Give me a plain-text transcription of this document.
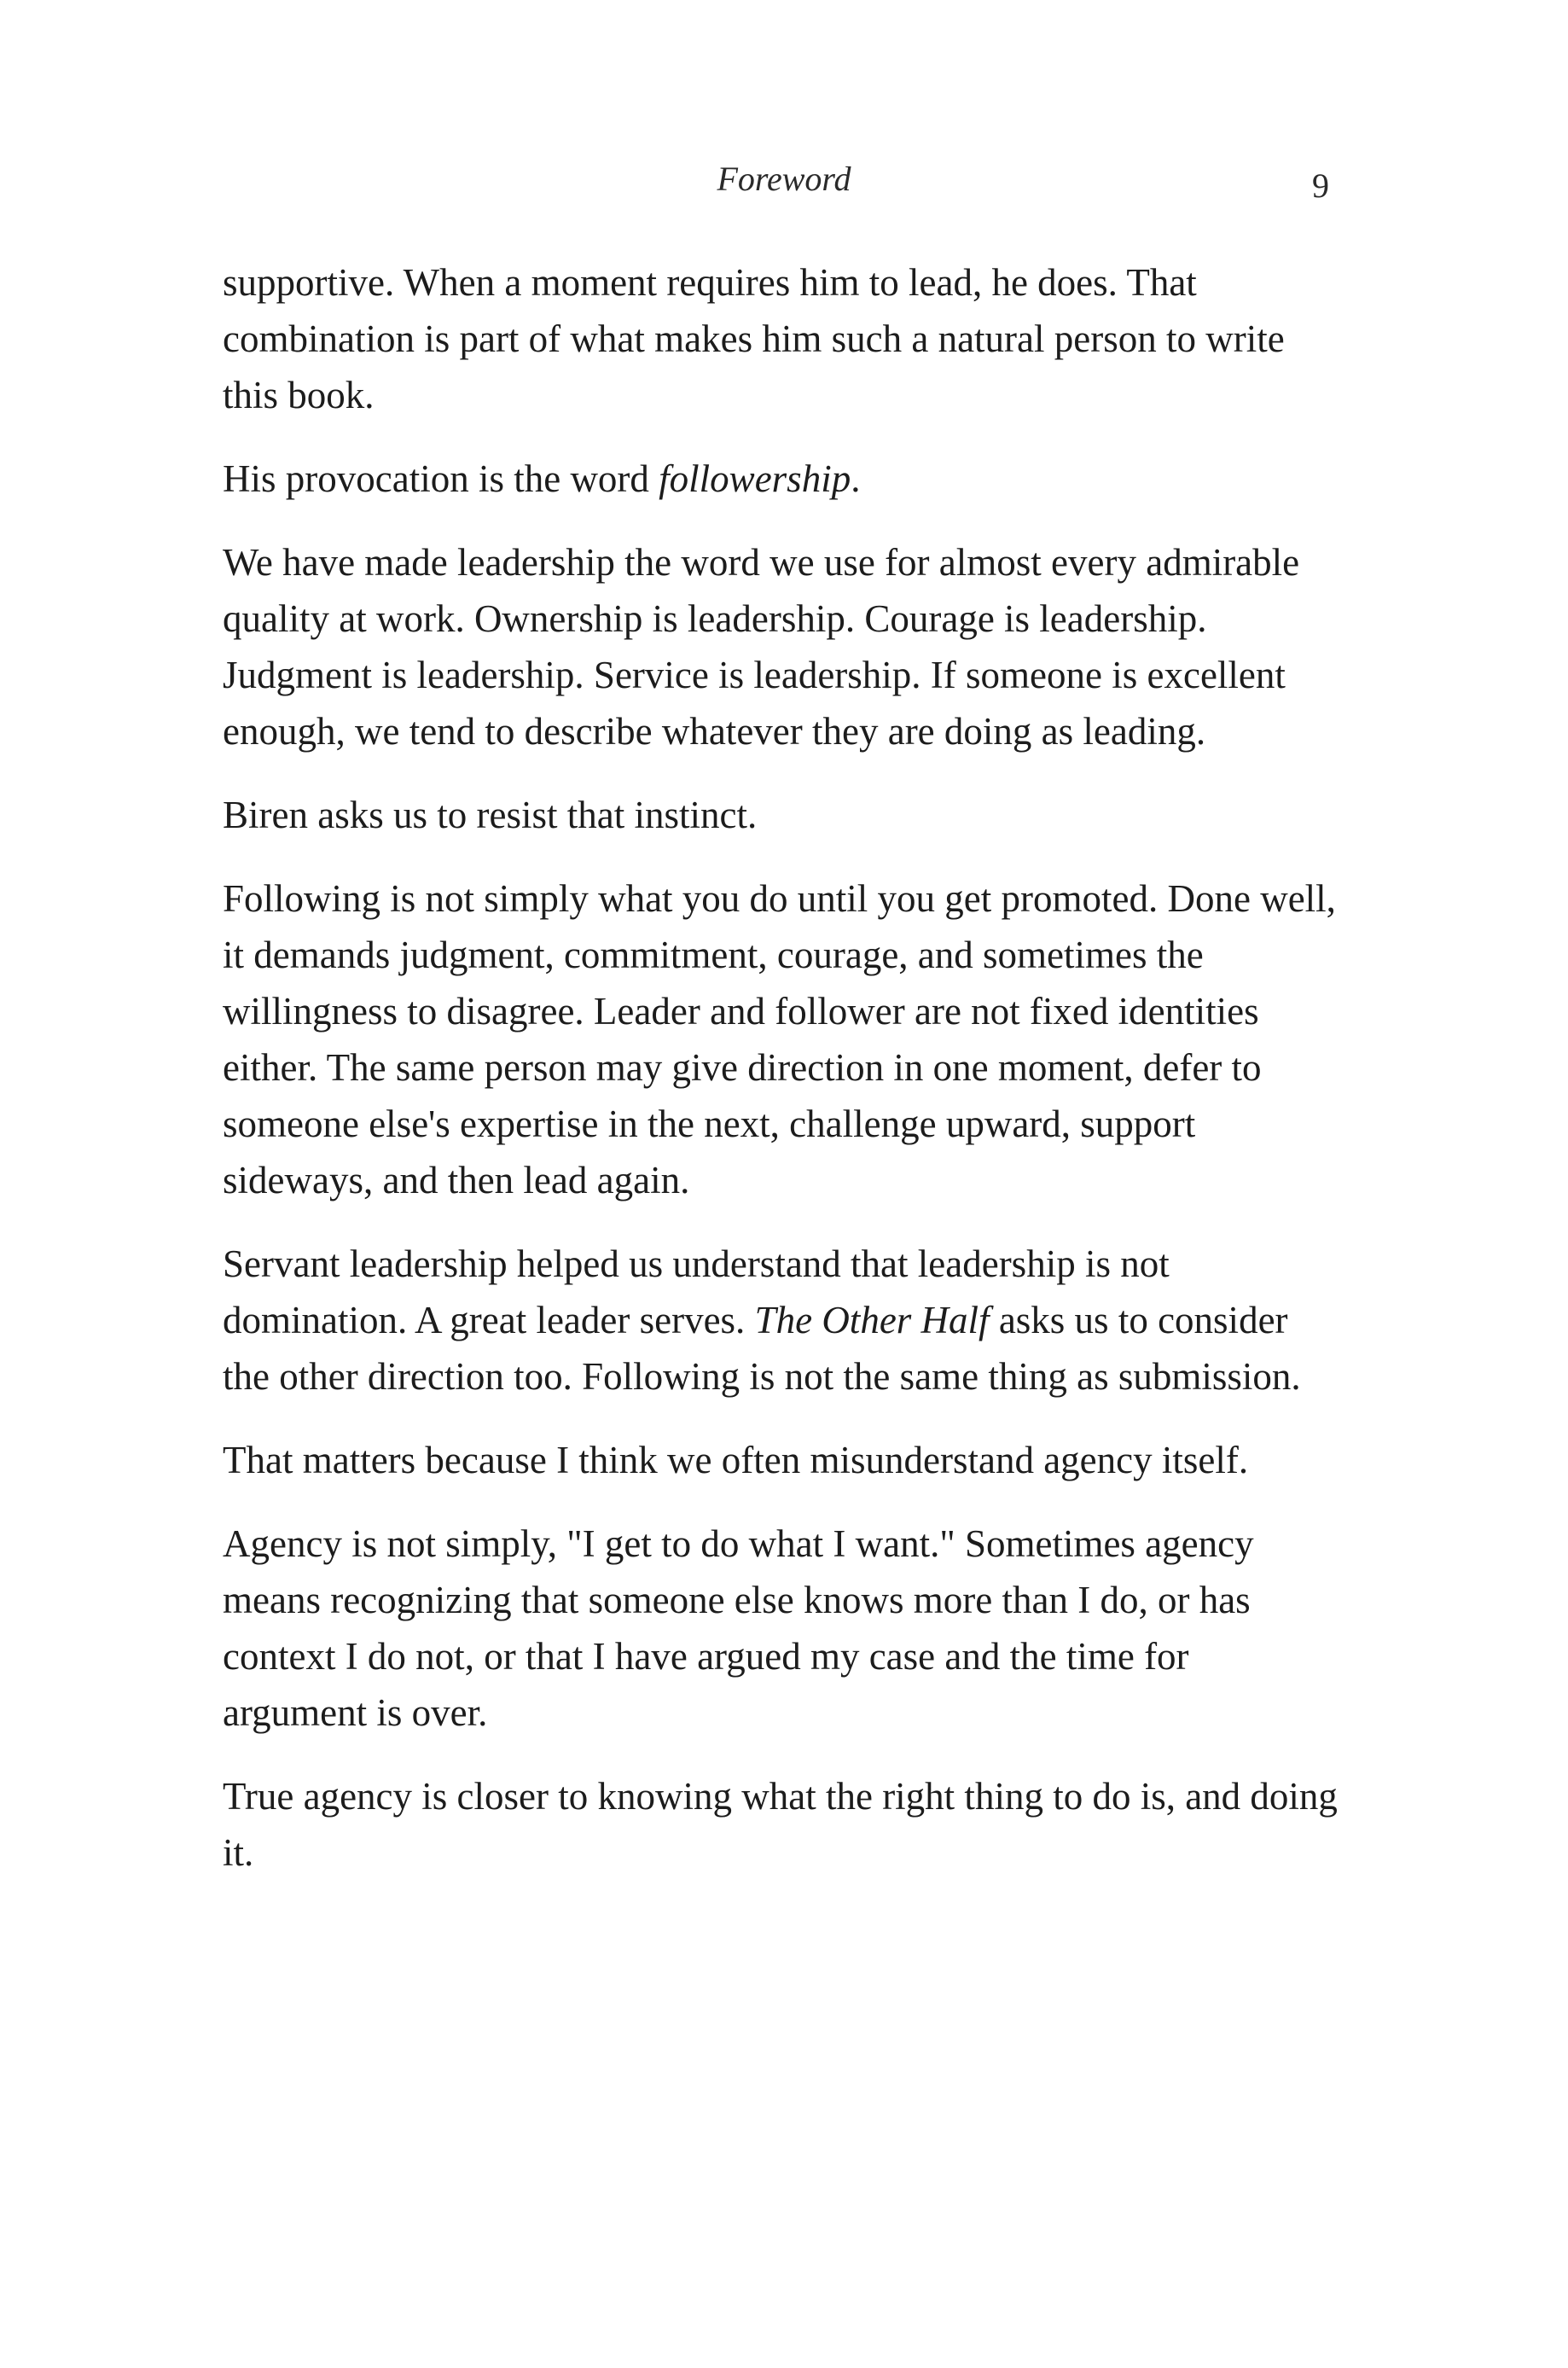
Foreword	9

supportive. When a moment requires him to lead, he does. That combination is part of what makes him such a natural person to write this book.

His provocation is the word followership.

We have made leadership the word we use for almost every admirable quality at work. Ownership is leadership. Courage is leadership. Judgment is leadership. Service is leadership. If someone is excellent enough, we tend to describe whatever they are doing as leading.

Biren asks us to resist that instinct.

Following is not simply what you do until you get promoted. Done well, it demands judgment, commitment, courage, and sometimes the willingness to disagree. Leader and follower are not fixed identities either. The same person may give direction in one moment, defer to someone else's expertise in the next, challenge upward, support sideways, and then lead again.

Servant leadership helped us understand that leadership is not domination. A great leader serves. The Other Half asks us to consider the other direction too. Following is not the same thing as submission.

That matters because I think we often misunderstand agency itself.

Agency is not simply, "I get to do what I want." Sometimes agency means recognizing that someone else knows more than I do, or has context I do not, or that I have argued my case and the time for argument is over.

True agency is closer to knowing what the right thing to do is, and doing it.
